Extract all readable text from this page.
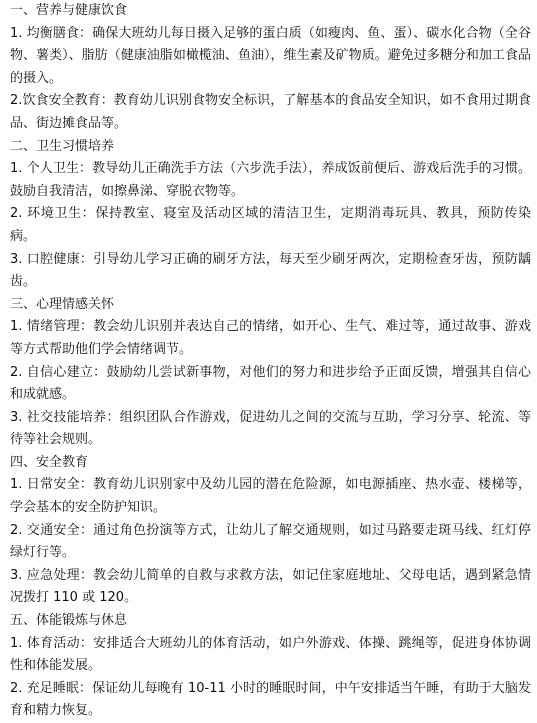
一、营养与健康饮食

1. 均衡膳食：确保大班幼儿每日摄入足够的蛋白质（如瘦肉、鱼、蛋）、碳水化合物（全谷物、薯类）、脂肪（健康油脂如橄榄油、鱼油），维生素及矿物质。避免过多糖分和加工食品的摄入。

2.饮食安全教育：教育幼儿识别食物安全标识，了解基本的食品安全知识，如不食用过期食品、街边摊食品等。

二、卫生习惯培养

1. 个人卫生：教导幼儿正确洗手方法（六步洗手法），养成饭前便后、游戏后洗手的习惯。鼓励自我清洁，如擦鼻涕、穿脱衣物等。

2. 环境卫生：保持教室、寝室及活动区域的清洁卫生，定期消毒玩具、教具，预防传染病。

3. 口腔健康：引导幼儿学习正确的刷牙方法，每天至少刷牙两次，定期检查牙齿，预防龋齿。

三、心理情感关怀

1. 情绪管理：教会幼儿识别并表达自己的情绪，如开心、生气、难过等，通过故事、游戏等方式帮助他们学会情绪调节。

2. 自信心建立：鼓励幼儿尝试新事物，对他们的努力和进步给予正面反馈，增强其自信心和成就感。

3. 社交技能培养：组织团队合作游戏，促进幼儿之间的交流与互助，学习分享、轮流、等待等社会规则。

四、安全教育

1. 日常安全：教育幼儿识别家中及幼儿园的潜在危险源，如电源插座、热水壶、楼梯等，学会基本的安全防护知识。

2. 交通安全：通过角色扮演等方式，让幼儿了解交通规则，如过马路要走斑马线、红灯停绿灯行等。

3. 应急处理：教会幼儿简单的自救与求救方法，如记住家庭地址、父母电话，遇到紧急情况拨打 110 或 120。

五、体能锻炼与休息

1. 体育活动：安排适合大班幼儿的体育活动，如户外游戏、体操、跳绳等，促进身体协调性和体能发展。

2. 充足睡眠：保证幼儿每晚有 10-11 小时的睡眠时间，中午安排适当午睡，有助于大脑发育和精力恢复。
